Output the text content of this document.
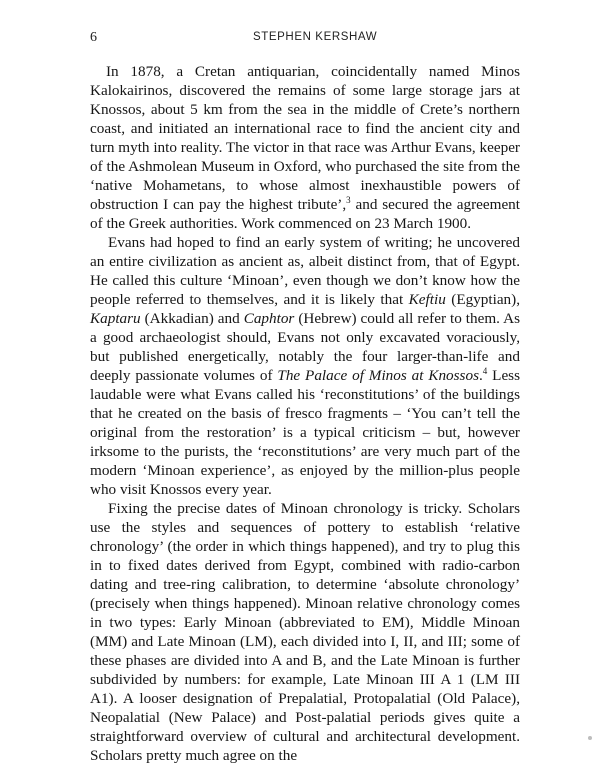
6	STEPHEN KERSHAW

In 1878, a Cretan antiquarian, coincidentally named Minos Kalokairinos, discovered the remains of some large storage jars at Knossos, about 5 km from the sea in the middle of Crete’s northern coast, and initiated an international race to find the ancient city and turn myth into reality. The victor in that race was Arthur Evans, keeper of the Ashmolean Museum in Oxford, who purchased the site from the ‘native Mohametans, to whose almost inexhaustible powers of obstruction I can pay the highest tribute’,$^3$ and secured the agreement of the Greek authorities. Work commenced on 23 March 1900.

Evans had hoped to find an early system of writing; he uncovered an entire civilization as ancient as, albeit distinct from, that of Egypt. He called this culture ‘Minoan’, even though we don’t know how the people referred to themselves, and it is likely that Keftiu (Egyptian), Kaptaru (Akkadian) and Caphtor (Hebrew) could all refer to them. As a good archaeologist should, Evans not only excavated voraciously, but published energetically, notably the four larger-than-life and deeply passionate volumes of The Palace of Minos at Knossos.$^4$ Less laudable were what Evans called his ‘reconstitutions’ of the buildings that he created on the basis of fresco fragments – ‘You can’t tell the original from the restoration’ is a typical criticism – but, however irksome to the purists, the ‘reconstitutions’ are very much part of the modern ‘Minoan experience’, as enjoyed by the million-plus people who visit Knossos every year.

Fixing the precise dates of Minoan chronology is tricky. Scholars use the styles and sequences of pottery to establish ‘relative chronology’ (the order in which things happened), and try to plug this in to fixed dates derived from Egypt, combined with radio-carbon dating and tree-ring calibration, to determine ‘absolute chronology’ (precisely when things happened). Minoan relative chronology comes in two types: Early Minoan (abbreviated to EM), Middle Minoan (MM) and Late Minoan (LM), each divided into I, II, and III; some of these phases are divided into A and B, and the Late Minoan is further subdivided by numbers: for example, Late Minoan III A 1 (LM III A1). A looser designation of Prepalatial, Protopalatial (Old Palace), Neopalatial (New Palace) and Post-palatial periods gives quite a straightforward overview of cultural and architectural development. Scholars pretty much agree on the
